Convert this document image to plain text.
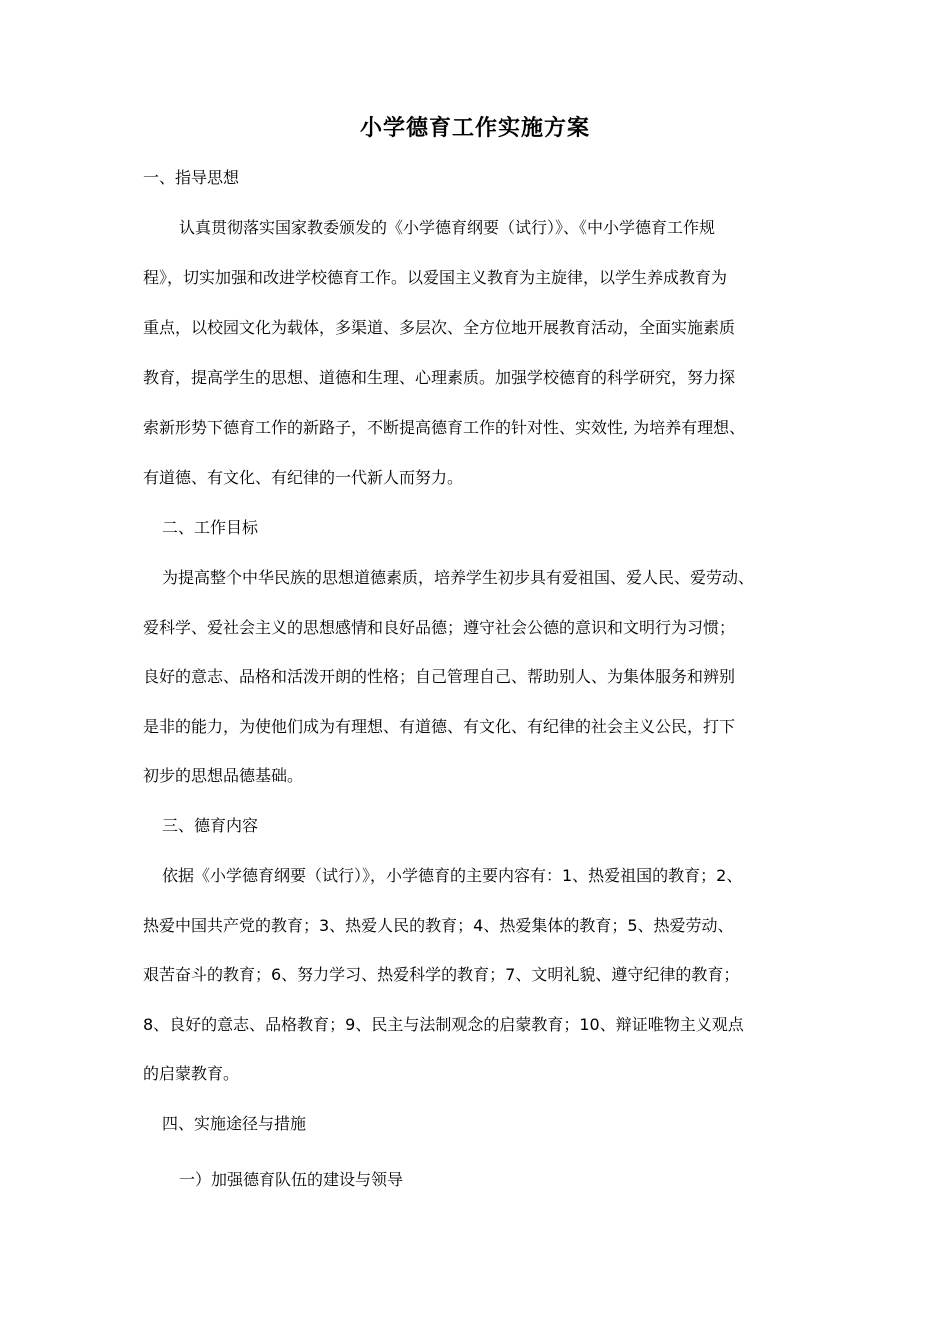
小学德育工作实施方案
一、指导思想
认真贯彻落实国家教委颁发的《小学德育纲要（试行）》、《中小学德育工作规
程》，切实加强和改进学校德育工作。以爱国主义教育为主旋律，以学生养成教育为
重点，以校园文化为载体，多渠道、多层次、全方位地开展教育活动，全面实施素质
教育，提高学生的思想、道德和生理、心理素质。加强学校德育的科学研究，努力探
索新形势下德育工作的新路子，不断提高德育工作的针对性、实效性, 为培养有理想、
有道德、有文化、有纪律的一代新人而努力。
二、工作目标
为提高整个中华民族的思想道德素质，培养学生初步具有爱祖国、爱人民、爱劳动、
爱科学、爱社会主义的思想感情和良好品德；遵守社会公德的意识和文明行为习惯；
良好的意志、品格和活泼开朗的性格；自己管理自己、帮助别人、为集体服务和辨别
是非的能力，为使他们成为有理想、有道德、有文化、有纪律的社会主义公民，打下
初步的思想品德基础。
三、德育内容
依据《小学德育纲要（试行）》，小学德育的主要内容有：1、热爱祖国的教育；2、
热爱中国共产党的教育；3、热爱人民的教育；4、热爱集体的教育；5、热爱劳动、
艰苦奋斗的教育；6、努力学习、热爱科学的教育；7、文明礼貌、遵守纪律的教育；
8、良好的意志、品格教育；9、民主与法制观念的启蒙教育；10、辩证唯物主义观点
的启蒙教育。
四、实施途径与措施
一）加强德育队伍的建设与领导
